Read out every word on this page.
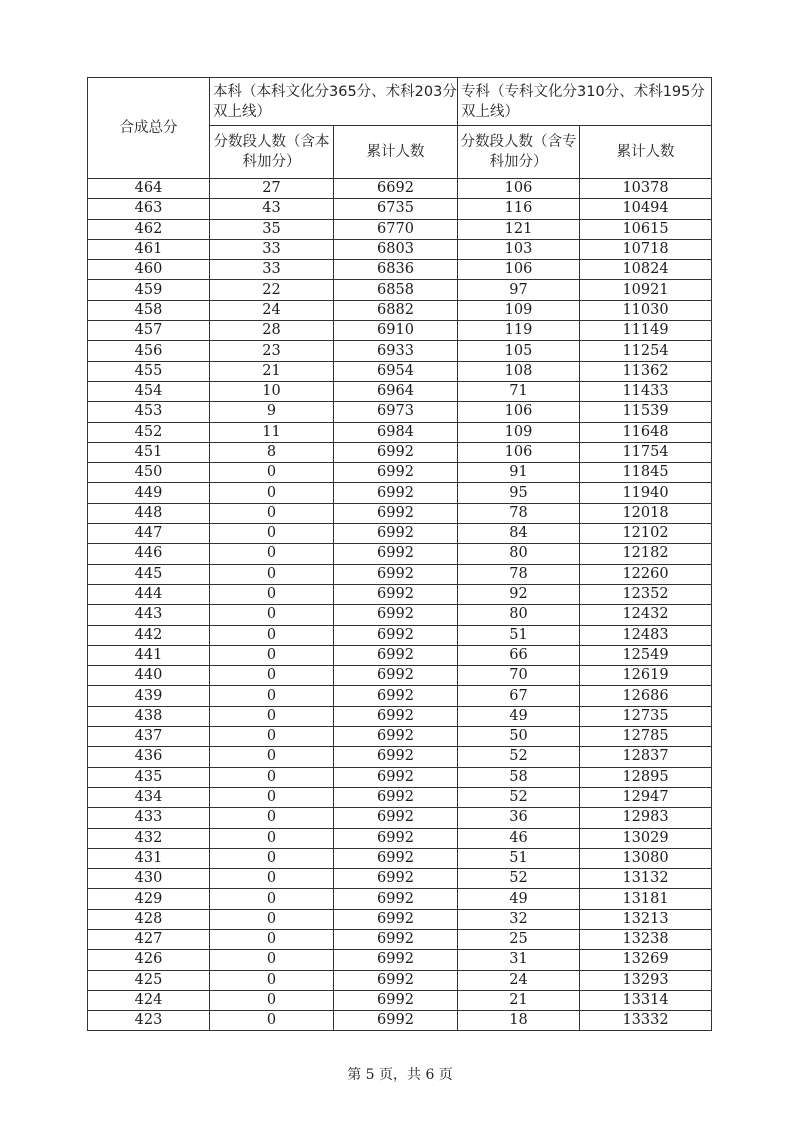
合成总分	本科（本科文化分365分、术科203分双上线）		专科（专科文化分310分、术科195分双上线）	
	分数段人数（含本科加分）	累计人数	分数段人数（含专科加分）	累计人数
464	27	6692	106	10378
463	43	6735	116	10494
462	35	6770	121	10615
461	33	6803	103	10718
460	33	6836	106	10824
459	22	6858	97	10921
458	24	6882	109	11030
457	28	6910	119	11149
456	23	6933	105	11254
455	21	6954	108	11362
454	10	6964	71	11433
453	9	6973	106	11539
452	11	6984	109	11648
451	8	6992	106	11754
450	0	6992	91	11845
449	0	6992	95	11940
448	0	6992	78	12018
447	0	6992	84	12102
446	0	6992	80	12182
445	0	6992	78	12260
444	0	6992	92	12352
443	0	6992	80	12432
442	0	6992	51	12483
441	0	6992	66	12549
440	0	6992	70	12619
439	0	6992	67	12686
438	0	6992	49	12735
437	0	6992	50	12785
436	0	6992	52	12837
435	0	6992	58	12895
434	0	6992	52	12947
433	0	6992	36	12983
432	0	6992	46	13029
431	0	6992	51	13080
430	0	6992	52	13132
429	0	6992	49	13181
428	0	6992	32	13213
427	0	6992	25	13238
426	0	6992	31	13269
425	0	6992	24	13293
424	0	6992	21	13314
423	0	6992	18	13332
第 5 页，共 6 页
